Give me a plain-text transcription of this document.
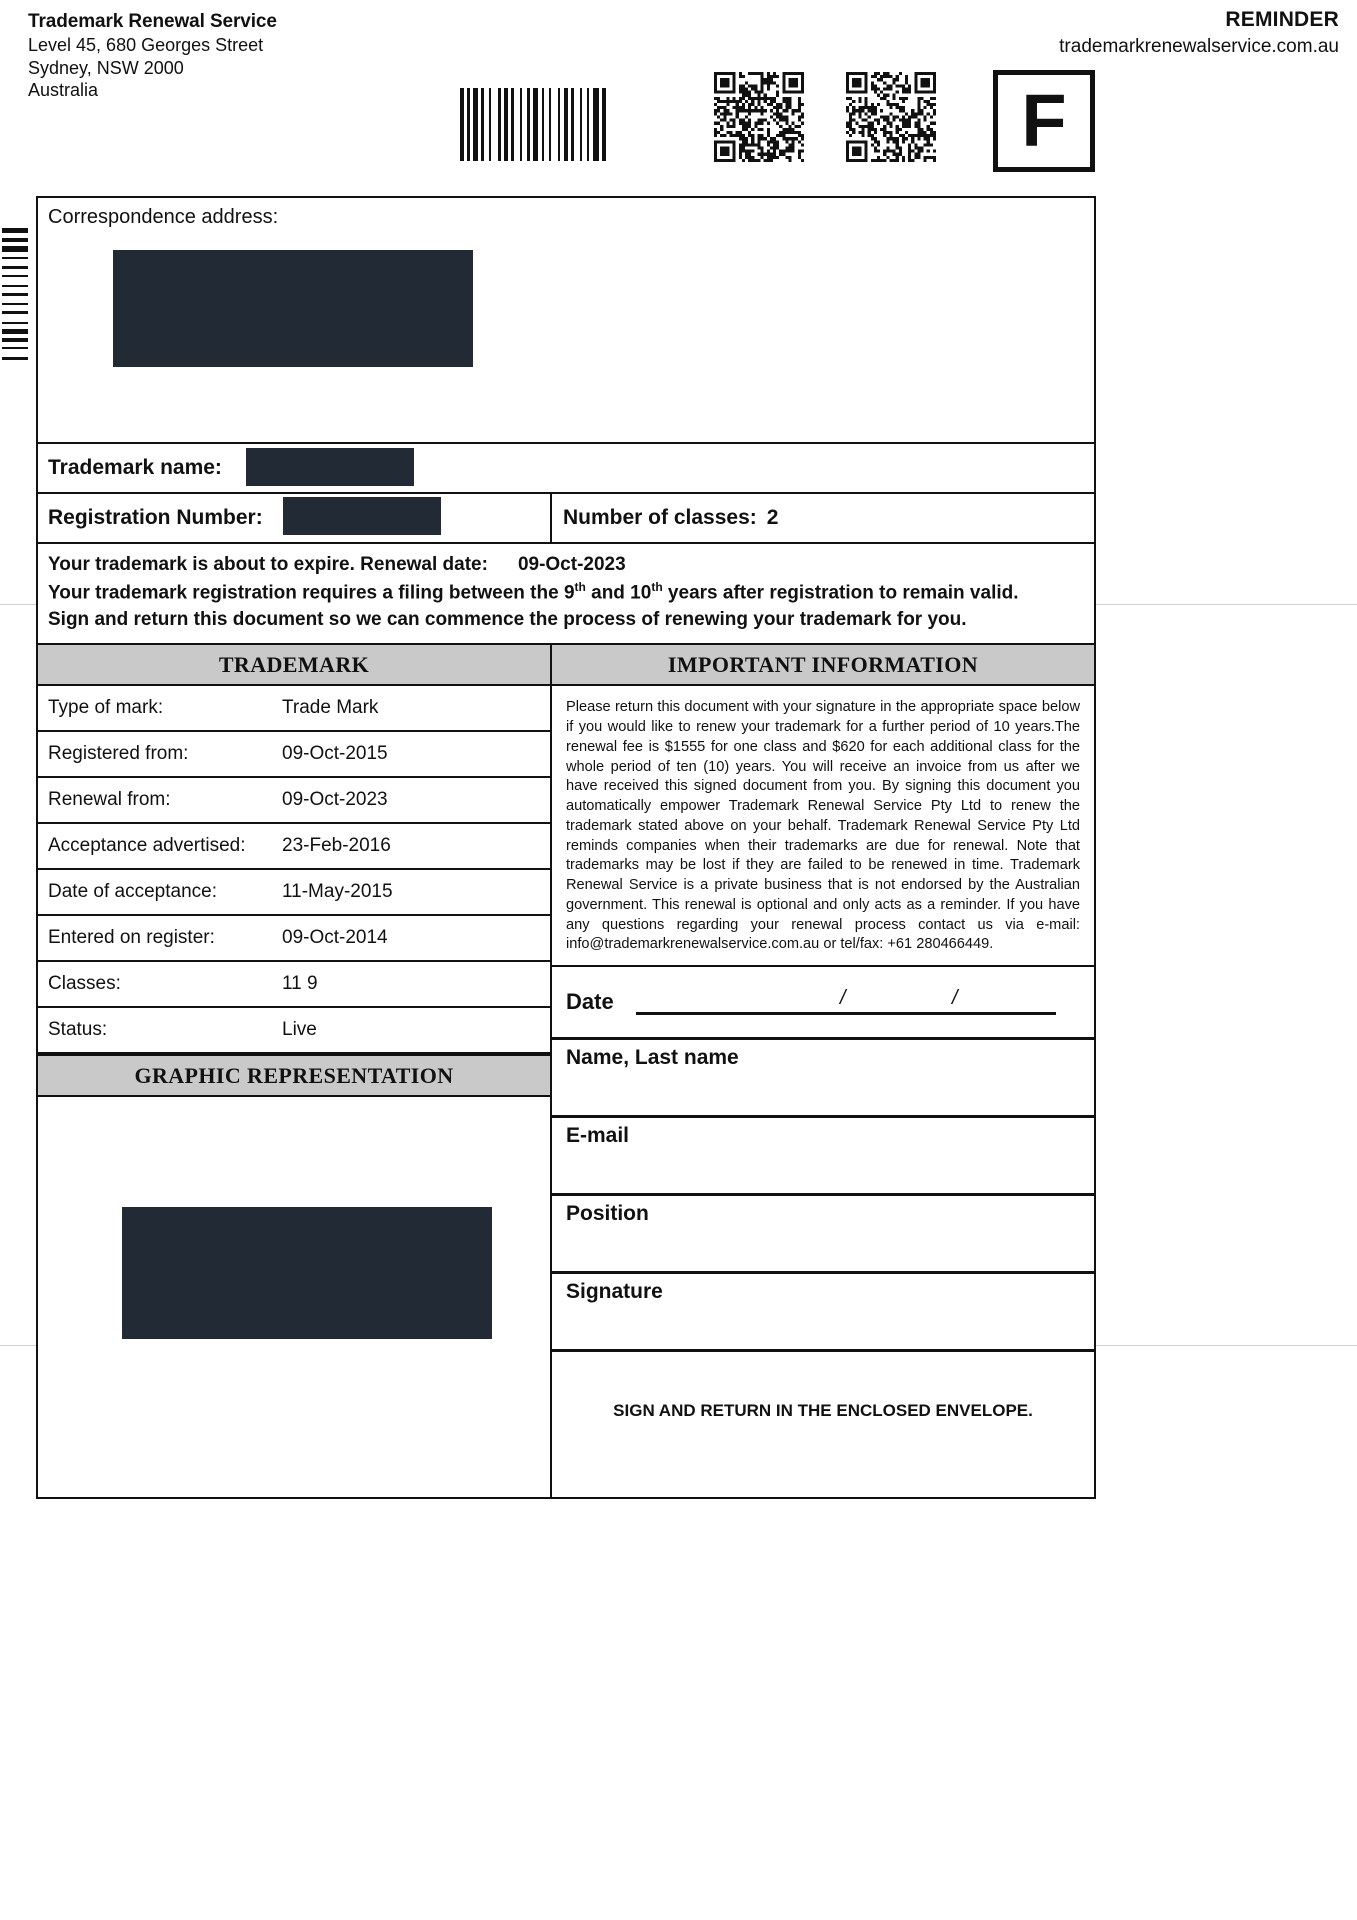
Trademark Renewal Service
Level 45, 680 Georges Street
Sydney, NSW 2000
Australia
REMINDER
trademarkrenewalservice.com.au
F
Correspondence address:
Trademark name:
Registration Number:	Number of classes: 2
Your trademark is about to expire. Renewal date: 09-Oct-2023
Your trademark registration requires a filing between the 9th and 10th years after registration to remain valid.
Sign and return this document so we can commence the process of renewing your trademark for you.
TRADEMARK
Type of mark:	Trade Mark
Registered from:	09-Oct-2015
Renewal from:	09-Oct-2023
Acceptance advertised: 23-Feb-2016
Date of acceptance:	11-May-2015
Entered on register:	09-Oct-2014
Classes:	11 9
Status:	Live
GRAPHIC REPRESENTATION
IMPORTANT INFORMATION
Please return this document with your signature in the appropriate space below if you would like to renew your trademark for a further period of 10 years.The renewal fee is $1555 for one class and $620 for each additional class for the whole period of ten (10) years. You will receive an invoice from us after we have received this signed document from you. By signing this document you automatically empower Trademark Renewal Service Pty Ltd to renew the trademark stated above on your behalf. Trademark Renewal Service Pty Ltd reminds companies when their trademarks are due for renewal. Note that trademarks may be lost if they are failed to be renewed in time. Trademark Renewal Service is a private business that is not endorsed by the Australian government. This renewal is optional and only acts as a reminder. If you have any questions regarding your renewal process contact us via e-mail: info@trademarkrenewalservice.com.au or tel/fax: +61 280466449.
Date	/	/
Name, Last name
E-mail
Position
Signature
SIGN AND RETURN IN THE ENCLOSED ENVELOPE.
